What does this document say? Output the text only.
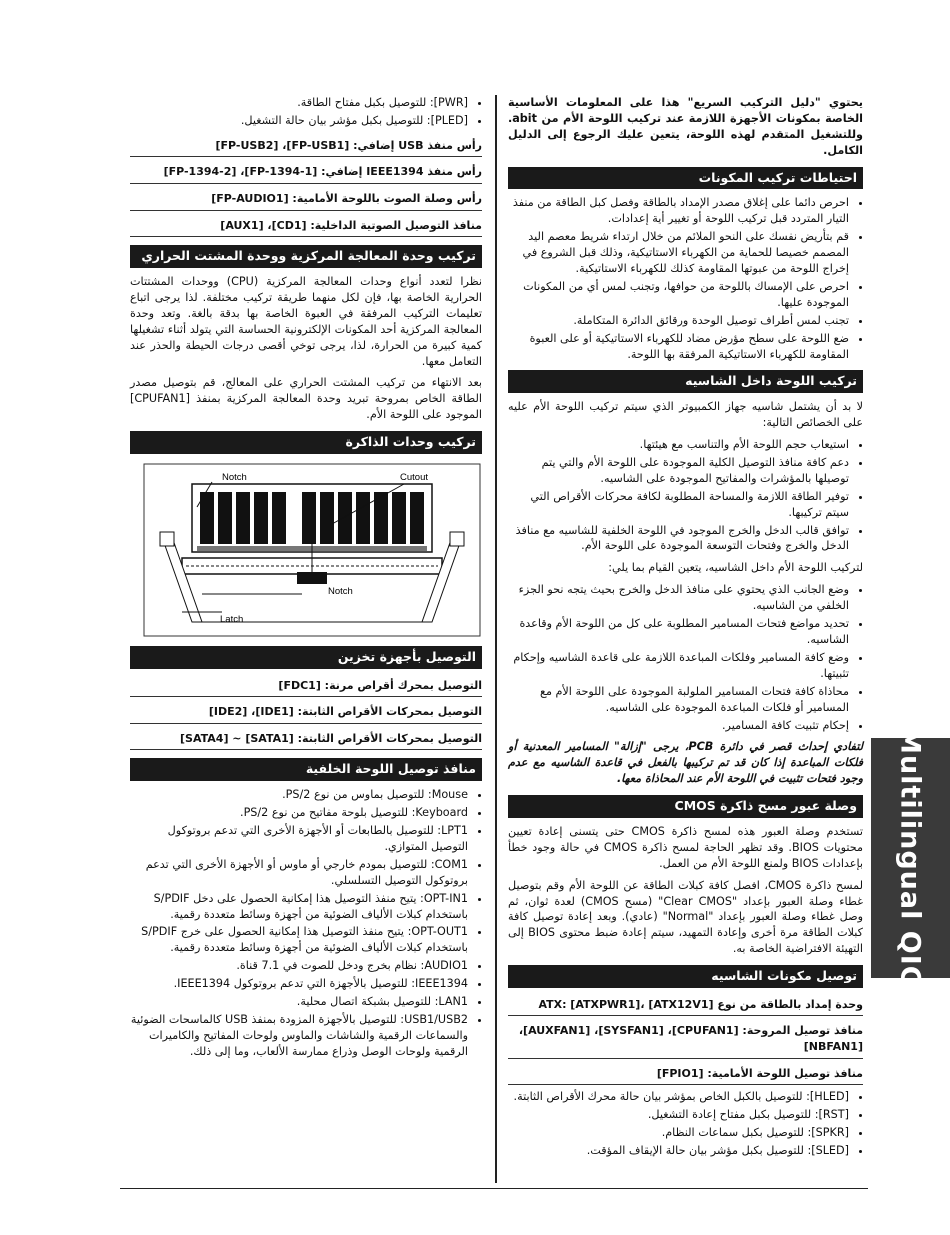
يحتوي "دليل التركيب السريع" هذا على المعلومات الأساسية الخاصة بمكونات الأجهزة اللازمة عند تركيب اللوحة الأم من abit. وللتشغيل المتقدم لهذه اللوحة، يتعين عليك الرجوع إلى الدليل الكامل.

احتياطات تركيب المكونات
• احرص دائما على إغلاق مصدر الإمداد بالطاقة وفصل كبل الطاقة من منفذ التيار المتردد قبل تركيب اللوحة أو تغيير أية إعدادات.
• قم بتأريض نفسك على النحو الملائم من خلال ارتداء شريط معصم اليد المصمم خصيصا للحماية من الكهرباء الاستاتيكية، وذلك قبل الشروع في إخراج اللوحة من عبوتها المقاومة كذلك للكهرباء الاستاتيكية.
• احرص على الإمساك باللوحة من حوافها، وتجنب لمس أي من المكونات الموجودة عليها.
• تجنب لمس أطراف توصيل الوحدة ورقائق الدائرة المتكاملة.
• ضع اللوحة على سطح مؤرض مضاد للكهرباء الاستاتيكية أو على العبوة المقاومة للكهرباء الاستاتيكية المرفقة بها اللوحة.
تركيب اللوحة داخل الشاسيه

لا بد أن يشتمل شاسيه جهاز الكمبيوتر الذي سيتم تركيب اللوحة الأم عليه على الخصائص التالية:

• استيعاب حجم اللوحة الأم والتناسب مع هيئتها.
• دعم كافة منافذ التوصيل الكلية الموجودة على اللوحة الأم والتي يتم توصيلها بالمؤشرات والمفاتيح الموجودة على الشاسيه.
• توفير الطاقة اللازمة والمساحة المطلوبة لكافة محركات الأقراص التي سيتم تركيبها.
• توافق قالب الدخل والخرج الموجود في اللوحة الخلفية للشاسيه مع منافذ الدخل والخرج وفتحات التوسعة الموجودة على اللوحة الأم.

لتركيب اللوحة الأم داخل الشاسيه، يتعين القيام بما يلي:

• وضع الجانب الذي يحتوي على منافذ الدخل والخرج بحيث يتجه نحو الجزء الخلفي من الشاسيه.
• تحديد مواضع فتحات المسامير المطلوبة على كل من اللوحة الأم وقاعدة الشاسيه.
• وضع كافة المسامير وفلكات المباعدة اللازمة على قاعدة الشاسيه وإحكام تثبيتها.
• محاذاة كافة فتحات المسامير الملولبة الموجودة على اللوحة الأم مع المسامير أو فلكات المباعدة الموجودة على الشاسيه.
• إحكام تثبيت كافة المسامير.

لتفادي إحداث قصر في دائرة PCB، يرجى "إزالة" المسامير المعدنية أو فلكات المباعدة إذا كان قد تم تركيبها بالفعل في قاعدة الشاسيه مع عدم وجود فتحات تثبيت في اللوحة الأم عند المحاذاة معها.

وصلة عبور مسح ذاكرة CMOS

تستخدم وصلة العبور هذه لمسح ذاكرة CMOS حتى يتسنى إعادة تعيين محتويات BIOS. وقد تظهر الحاجة لمسح ذاكرة CMOS في حالة وجود خطأ بإعدادات BIOS ولمنع اللوحة الأم من العمل.

لمسح ذاكرة CMOS، افصل كافة كبلات الطاقة عن اللوحة الأم وقم بتوصيل غطاء وصلة العبور بإعداد "Clear CMOS" (مسح CMOS) لعدة ثوان، ثم وصل غطاء وصلة العبور بإعداد "Normal" (عادي). وبعد إعادة توصيل كافة كبلات الطاقة مرة أخرى وإعادة التمهيد، سيتم إعادة ضبط محتوى BIOS إلى التهيئة الافتراضية الخاصة به.

توصيل مكونات الشاسيه
وحدة إمداد بالطاقة من نوع ATX: [ATXPWR1]، [ATX12V1]
منافذ توصيل المروحة: [CPUFAN1]، [SYSFAN1]، [AUXFAN1]، [NBFAN1]
منافذ توصيل اللوحة الأمامية: [FPIO1]
• [HLED]: للتوصيل بالكبل الخاص بمؤشر بيان حالة محرك الأقراص الثابتة.
• [RST]: للتوصيل بكبل مفتاح إعادة التشغيل.
• [SPKR]: للتوصيل بكبل سماعات النظام.
• [SLED]: للتوصيل بكبل مؤشر بيان حالة الإيقاف المؤقت.
• [PWR]: للتوصيل بكبل مفتاح الطاقة.
• [PLED]: للتوصيل بكبل مؤشر بيان حالة التشغيل.
رأس منفذ USB إضافي: [FP-USB1]، [FP-USB2]
رأس منفذ IEEE1394 إضافي: [FP-1394-1]، [FP-1394-2]
رأس وصلة الصوت باللوحة الأمامية: [FP-AUDIO1]
منافذ التوصيل الصوتية الداخلية: [CD1]، [AUX1]
تركيب وحدة المعالجة المركزية ووحدة المشتت الحراري

نظرا لتعدد أنواع وحدات المعالجة المركزية (CPU) ووحدات المشتتات الحرارية الخاصة بها، فإن لكل منهما طريقة تركيب مختلفة. لذا يرجى اتباع تعليمات التركيب المرفقة في العبوة الخاصة بها بدقة بالغة. وتعد وحدة المعالجة المركزية أحد المكونات الإلكترونية الحساسة التي يتولد أثناء تشغيلها كمية كبيرة من الحرارة، لذا، يرجى توخي أقصى درجات الحيطة والحذر عند التعامل معها.

بعد الانتهاء من تركيب المشتت الحراري على المعالج، قم بتوصيل مصدر الطاقة الخاص بمروحة تبريد وحدة المعالجة المركزية بمنفذ [CPUFAN1] الموجود على اللوحة الأم.

تركيب وحدات الذاكرة
Notch	Cutout
Notch
Latch
التوصيل بأجهزة تخزين
التوصيل بمحرك أقراص مرنة: [FDC1]
التوصيل بمحركات الأقراص الثابتة: [IDE1]، [IDE2]
التوصيل بمحركات الأقراص الثابتة: [SATA1] ~ [SATA4]
منافذ توصيل اللوحة الخلفية
• Mouse: للتوصيل بماوس من نوع PS/2.
• Keyboard: للتوصيل بلوحة مفاتيح من نوع PS/2.
• LPT1: للتوصيل بالطابعات أو الأجهزة الأخرى التي تدعم بروتوكول التوصيل المتوازي.
• COM1: للتوصيل بمودم خارجي أو ماوس أو الأجهزة الأخرى التي تدعم بروتوكول التوصيل التسلسلي.
• OPT-IN1: يتيح منفذ التوصيل هذا إمكانية الحصول على دخل S/PDIF باستخدام كبلات الألياف الضوئية من أجهزة وسائط متعددة رقمية.
• OPT-OUT1: يتيح منفذ التوصيل هذا إمكانية الحصول على خرج S/PDIF باستخدام كبلات الألياف الضوئية من أجهزة وسائط متعددة رقمية.
• AUDIO1: نظام بخرج ودخل للصوت في 7.1 قناة.
• IEEE1394: للتوصيل بالأجهزة التي تدعم بروتوكول IEEE1394.
• LAN1: للتوصيل بشبكة اتصال محلية.
• USB1/USB2: للتوصيل بالأجهزة المزودة بمنفذ USB كالماسحات الضوئية والسماعات الرقمية والشاشات والماوس ولوحات المفاتيح والكاميرات الرقمية ولوحات الوصل وذراع ممارسة الألعاب، وما إلى ذلك.
Multilingual QIG
